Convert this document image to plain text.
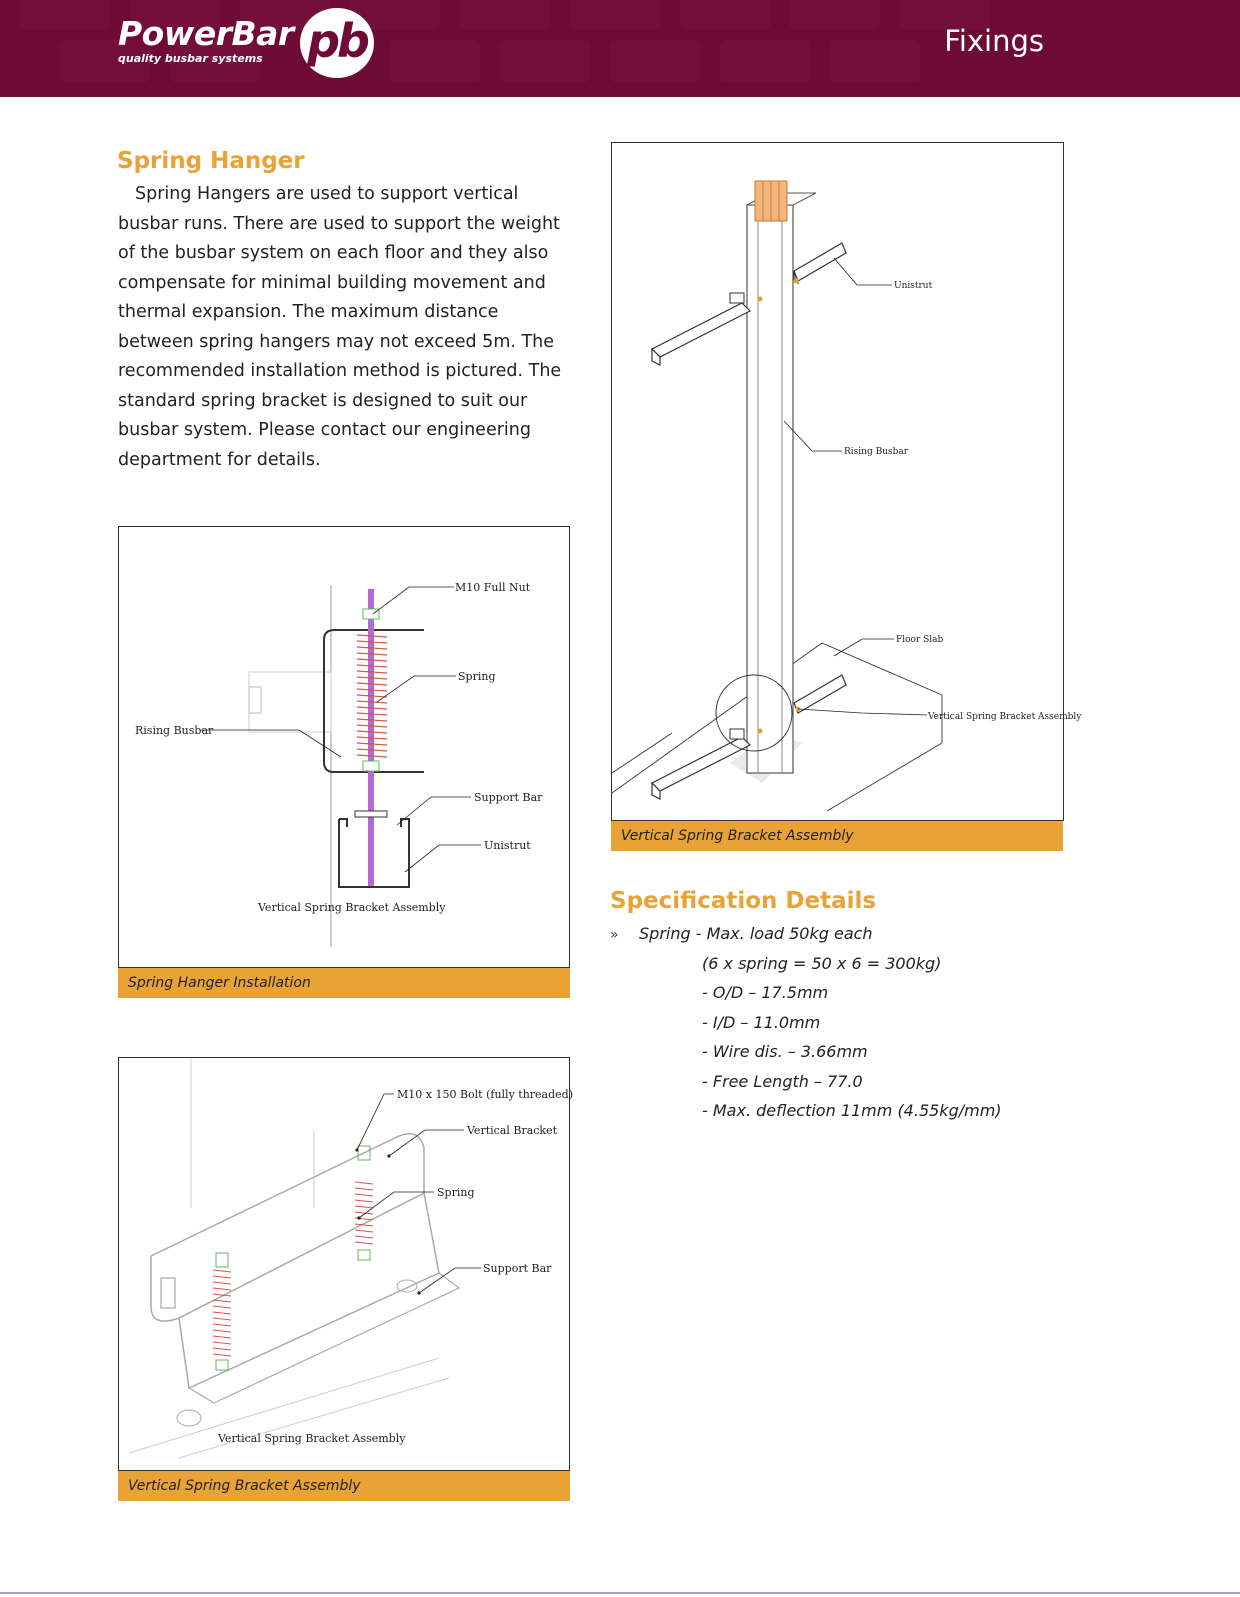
PowerBar
quality busbar systems pb	Fixings
Spring Hanger

Spring Hangers are used to support vertical busbar runs. There are used to support the weight of the busbar system on each floor and they also compensate for minimal building movement and thermal expansion. The maximum distance between spring hangers may not exceed 5m. The recommended installation method is pictured. The standard spring bracket is designed to suit our busbar system. Please contact our engineering department for details.

M10 Full Nut
Spring
Rising Busbar
Support Bar
Unistrut
Vertical Spring Bracket Assembly
Spring Hanger Installation
M10 x 150 Bolt (fully threaded)
Vertical Bracket
Spring
Support Bar
Vertical Spring Bracket Assembly
Vertical Spring Bracket Assembly
Unistrut
Rising Busbar
Floor Slab
Vertical Spring Bracket Assembly
Vertical Spring Bracket Assembly
Specification Details
» Spring - Max. load 50kg each
(6 x spring = 50 x 6 = 300kg)
- O/D – 17.5mm
- I/D – 11.0mm
- Wire dis. – 3.66mm
- Free Length – 77.0
- Max. deflection 11mm (4.55kg/mm)
